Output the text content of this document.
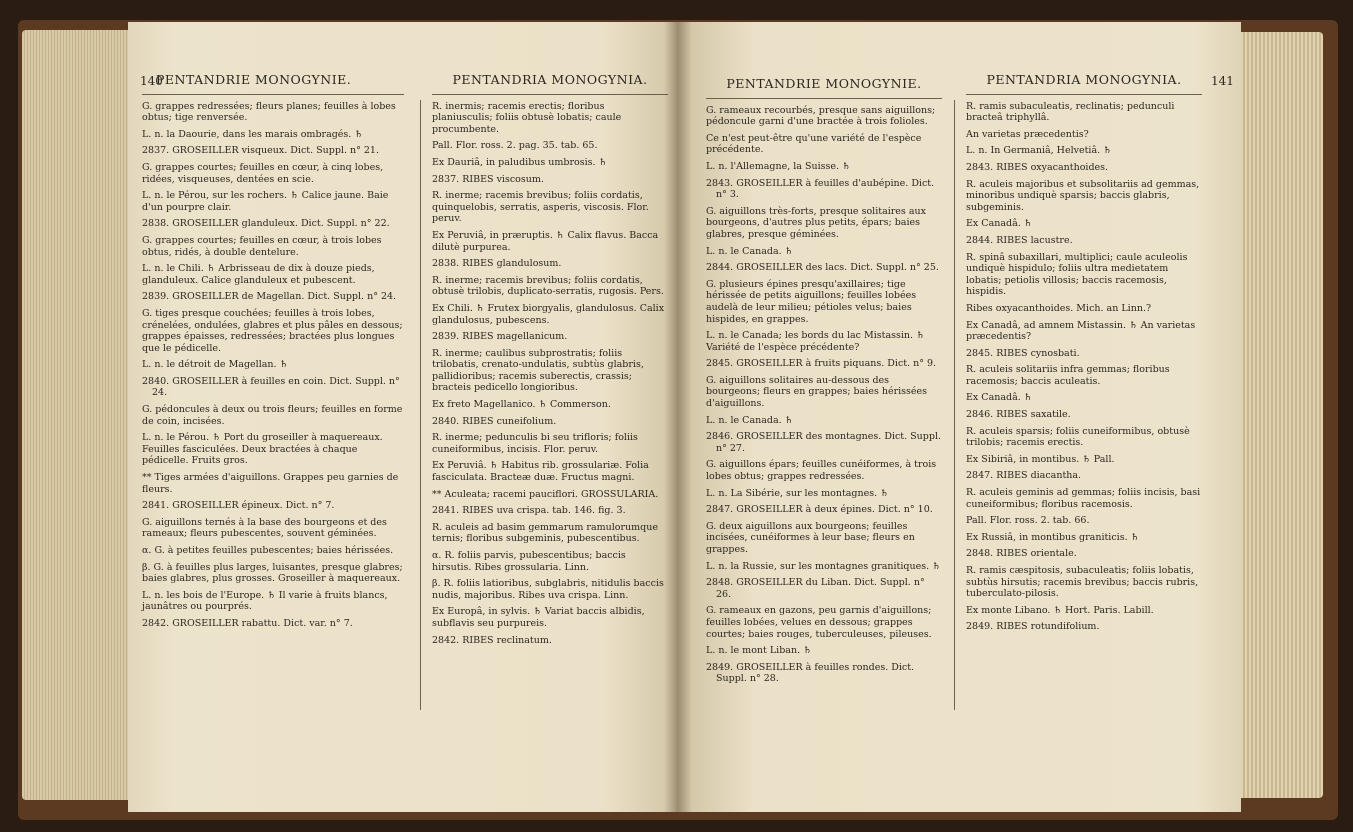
140
PENTANDRIE MONOGYNIE.

G. grappes redressées; fleurs planes; feuilles à lobes obtus; tige renversée.

L. n. la Daourie, dans les marais ombragés. ♄

2837. GROSEILLER visqueux. Dict. Suppl. n° 21.

G. grappes courtes; feuilles en cœur, à cinq lobes, ridées, visqueuses, dentées en scie.

L. n. le Pérou, sur les rochers. ♄ Calice jaune. Baie d'un pourpre clair.

2838. GROSEILLER glanduleux. Dict. Suppl. n° 22.

G. grappes courtes; feuilles en cœur, à trois lobes obtus, ridés, à double dentelure.

L. n. le Chili. ♄ Arbrisseau de dix à douze pieds, glanduleux. Calice glanduleux et pubescent.

2839. GROSEILLER de Magellan. Dict. Suppl. n° 24.

G. tiges presque couchées; feuilles à trois lobes, crénelées, ondulées, glabres et plus pâles en dessous; grappes épaisses, redressées; bractées plus longues que le pédicelle.

L. n. le détroit de Magellan. ♄

2840. GROSEILLER à feuilles en coin. Dict. Suppl. n° 24.

G. pédoncules à deux ou trois fleurs; feuilles en forme de coin, incisées.

L. n. le Pérou. ♄ Port du groseiller à maquereaux. Feuilles fasciculées. Deux bractées à chaque pédicelle. Fruits gros.

** Tiges armées d'aiguillons. Grappes peu garnies de fleurs.

2841. GROSEILLER épineux. Dict. n° 7.

G. aiguillons ternés à la base des bourgeons et des rameaux; fleurs pubescentes, souvent géminées.

α. G. à petites feuilles pubescentes; baies hérissées.

β. G. à feuilles plus larges, luisantes, presque glabres; baies glabres, plus grosses. Groseiller à maquereaux.

L. n. les bois de l'Europe. ♄ Il varie à fruits blancs, jaunâtres ou pourprés.

2842. GROSEILLER rabattu. Dict. var. n° 7.

PENTANDRIA MONOGYNIA.

R. inermis; racemis erectis; floribus planiusculis; foliis obtusè lobatis; caule procumbente.

Pall. Flor. ross. 2. pag. 35. tab. 65.

Ex Dauriâ, in paludibus umbrosis. ♄

2837. RIBES viscosum.

R. inerme; racemis brevibus; foliis cordatis, quinquelobis, serratis, asperis, viscosis. Flor. peruv.

Ex Peruviâ, in præruptis. ♄ Calix flavus. Bacca dilutè purpurea.

2838. RIBES glandulosum.

R. inerme; racemis brevibus; foliis cordatis, obtusè trilobis, duplicato-serratis, rugosis. Pers.

Ex Chili. ♄ Frutex biorgyalis, glandulosus. Calix glandulosus, pubescens.

2839. RIBES magellanicum.

R. inerme; caulibus subprostratis; foliis trilobatis, crenato-undulatis, subtùs glabris, pallidioribus; racemis suberectis, crassis; bracteis pedicello longioribus.

Ex freto Magellanico. ♄ Commerson.

2840. RIBES cuneifolium.

R. inerme; pedunculis bi seu trifloris; foliis cuneiformibus, incisis. Flor. peruv.

Ex Peruviâ. ♄ Habitus rib. grossulariæ. Folia fasciculata. Bracteæ duæ. Fructus magni.

** Aculeata; racemi pauciflori. GROSSULARIA.

2841. RIBES uva crispa. tab. 146. fig. 3.

R. aculeis ad basim gemmarum ramulorumque ternis; floribus subgeminis, pubescentibus.

α. R. foliis parvis, pubescentibus; baccis hirsutis. Ribes grossularia. Linn.

β. R. foliis latioribus, subglabris, nitidulis baccis nudis, majoribus. Ribes uva crispa. Linn.

Ex Europâ, in sylvis. ♄ Variat baccis albidis, subflavis seu purpureis.

2842. RIBES reclinatum.

PENTANDRIE MONOGYNIE.

G. rameaux recourbés, presque sans aiguillons; pédoncule garni d'une bractée à trois folioles.

Ce n'est peut-être qu'une variété de l'espèce précédente.

L. n. l'Allemagne, la Suisse. ♄

2843. GROSEILLER à feuilles d'aubépine. Dict. n° 3.

G. aiguillons très-forts, presque solitaires aux bourgeons, d'autres plus petits, épars; baies glabres, presque géminées.

L. n. le Canada. ♄

2844. GROSEILLER des lacs. Dict. Suppl. n° 25.

G. plusieurs épines presqu'axillaires; tige hérissée de petits aiguillons; feuilles lobées audelà de leur milieu; pétioles velus; baies hispides, en grappes.

L. n. le Canada; les bords du lac Mistassin. ♄ Variété de l'espèce précédente?

2845. GROSEILLER à fruits piquans. Dict. n° 9.

G. aiguillons solitaires au-dessous des bourgeons; fleurs en grappes; baies hérissées d'aiguillons.

L. n. le Canada. ♄

2846. GROSEILLER des montagnes. Dict. Suppl. n° 27.

G. aiguillons épars; feuilles cunéiformes, à trois lobes obtus; grappes redressées.

L. n. La Sibérie, sur les montagnes. ♄

2847. GROSEILLER à deux épines. Dict. n° 10.

G. deux aiguillons aux bourgeons; feuilles incisées, cunéiformes à leur base; fleurs en grappes.

L. n. la Russie, sur les montagnes granitiques. ♄

2848. GROSEILLER du Liban. Dict. Suppl. n° 26.

G. rameaux en gazons, peu garnis d'aiguillons; feuilles lobées, velues en dessous; grappes courtes; baies rouges, tuberculeuses, pileuses.

L. n. le mont Liban. ♄

2849. GROSEILLER à feuilles rondes. Dict. Suppl. n° 28.

PENTANDRIA MONOGYNIA.

R. ramis subaculeatis, reclinatis; pedunculi bracteâ triphyllâ.

An varietas præcedentis?

L. n. In Germaniâ, Helvetiâ. ♄

2843. RIBES oxyacanthoides.

R. aculeis majoribus et subsolitariis ad gemmas, minoribus undiquè sparsis; baccis glabris, subgeminis.

Ex Canadâ. ♄

2844. RIBES lacustre.

R. spinâ subaxillari, multiplici; caule aculeolis undiquè hispidulo; foliis ultra medietatem lobatis; petiolis villosis; baccis racemosis, hispidis.

Ribes oxyacanthoides. Mich. an Linn.?

Ex Canadâ, ad amnem Mistassin. ♄ An varietas præcedentis?

2845. RIBES cynosbati.

R. aculeis solitariis infra gemmas; floribus racemosis; baccis aculeatis.

Ex Canadâ. ♄

2846. RIBES saxatile.

R. aculeis sparsis; foliis cuneiformibus, obtusè trilobis; racemis erectis.

Ex Sibiriâ, in montibus. ♄ Pall.

2847. RIBES diacantha.

R. aculeis geminis ad gemmas; foliis incisis, basi cuneiformibus; floribus racemosis.

Pall. Flor. ross. 2. tab. 66.

Ex Russiâ, in montibus graniticis. ♄

2848. RIBES orientale.

R. ramis cæspitosis, subaculeatis; foliis lobatis, subtùs hirsutis; racemis brevibus; baccis rubris, tuberculato-pilosis.

Ex monte Libano. ♄ Hort. Paris. Labill.

2849. RIBES rotundifolium.

141
